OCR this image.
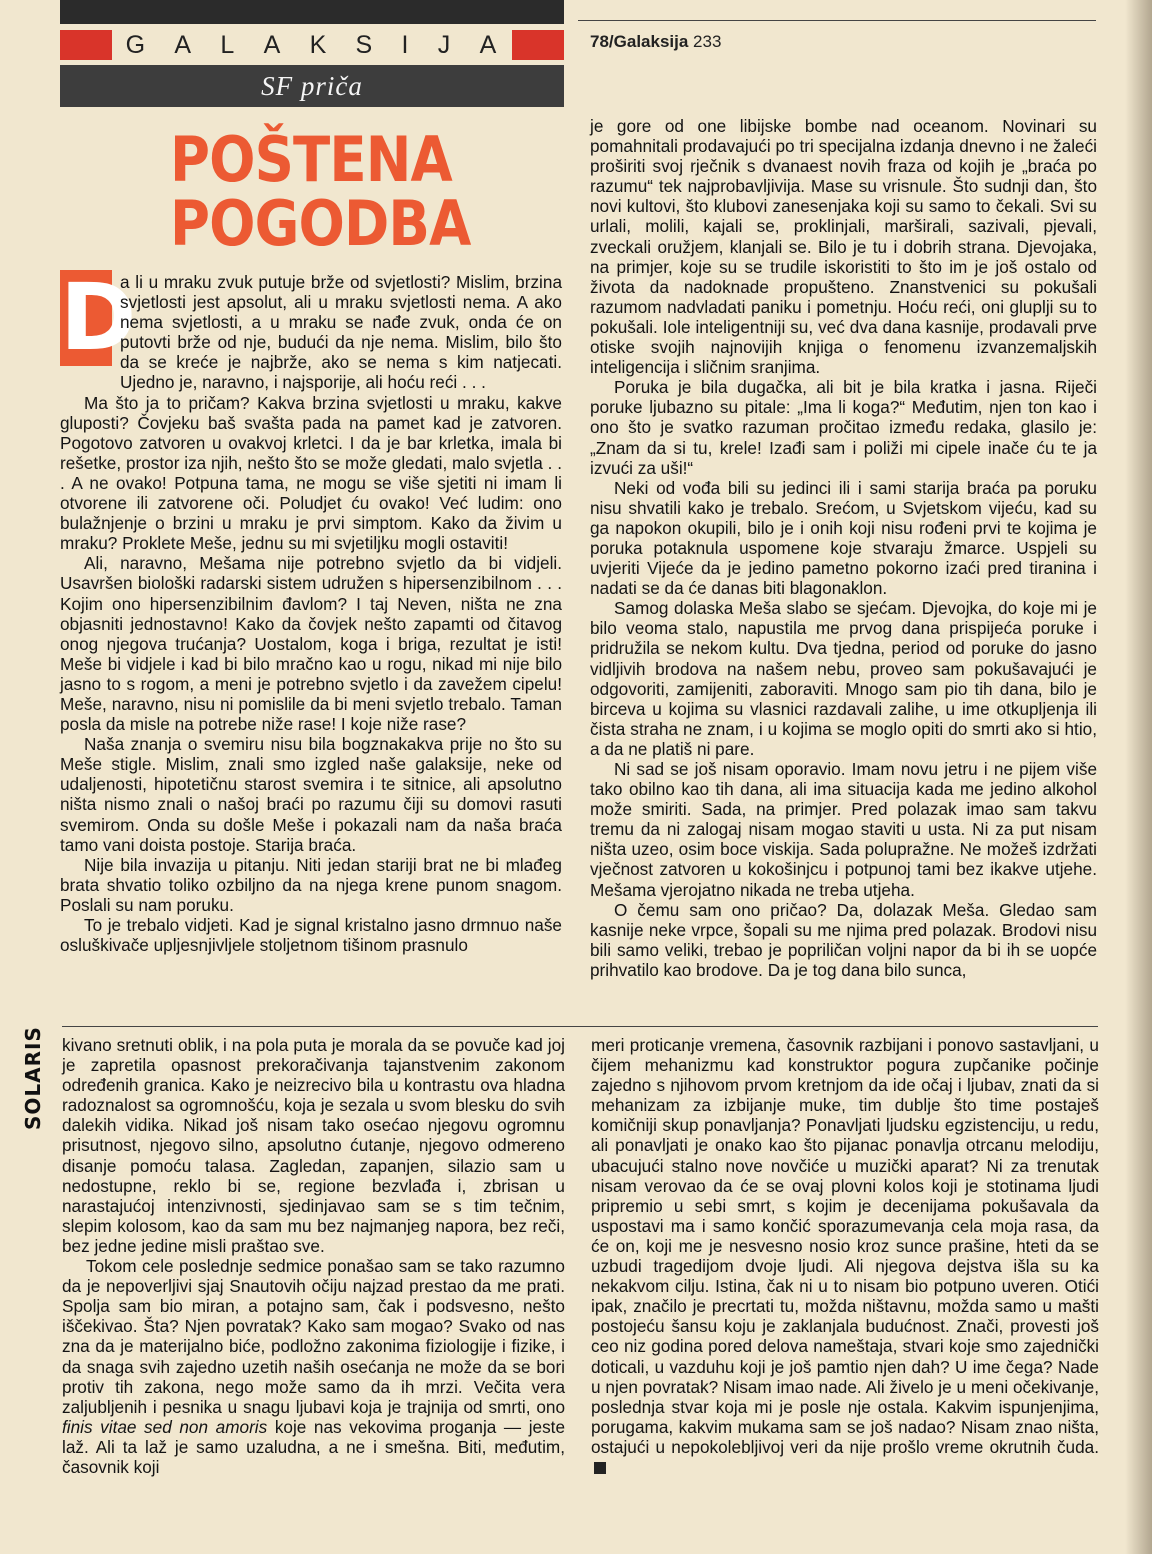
G A L A K S I J A
SF priča
POŠTENA
POGODBA
78/Galaksija 233
D

a li u mraku zvuk putuje brže od svjetlosti? Mislim, brzina svjetlosti jest apsolut, ali u mraku svjetlosti nema. A ako nema svjetlosti, a u mraku se nađe zvuk, onda će on putovti brže od nje, budući da nje nema. Mislim, bilo što da se kreće je najbrže, ako se nema s kim natjecati. Ujedno je, naravno, i najsporije, ali hoću reći . . .

Ma što ja to pričam? Kakva brzina svjetlosti u mraku, kakve gluposti? Čovjeku baš svašta pada na pamet kad je zatvoren. Pogotovo zatvoren u ovakvoj krletci. I da je bar krletka, imala bi rešetke, prostor iza njih, nešto što se može gledati, malo svjetla . . . A ne ovako! Potpuna tama, ne mogu se više sjetiti ni imam li otvorene ili zatvorene oči. Poludjet ću ovako! Već ludim: ono bulažnjenje o brzini u mraku je prvi simptom. Kako da živim u mraku? Proklete Meše, jednu su mi svjetiljku mogli ostaviti!

Ali, naravno, Mešama nije potrebno svjetlo da bi vidjeli. Usavršen biološki radarski sistem udružen s hipersenzibilnom . . . Kojim ono hipersenzibilnim đavlom? I taj Neven, ništa ne zna objasniti jednostavno! Kako da čovjek nešto zapamti od čitavog onog njegova trućanja? Uostalom, koga i briga, rezultat je isti! Meše bi vidjele i kad bi bilo mračno kao u rogu, nikad mi nije bilo jasno to s rogom, a meni je potrebno svjetlo i da zavežem cipelu! Meše, naravno, nisu ni pomislile da bi meni svjetlo trebalo. Taman posla da misle na potrebe niže rase! I koje niže rase?

Naša znanja o svemiru nisu bila bogznakakva prije no što su Meše stigle. Mislim, znali smo izgled naše galaksije, neke od udaljenosti, hipotetičnu starost svemira i te sitnice, ali apsolutno ništa nismo znali o našoj braći po razumu čiji su domovi rasuti svemirom. Onda su došle Meše i pokazali nam da naša braća tamo vani doista postoje. Starija braća.

Nije bila invazija u pitanju. Niti jedan stariji brat ne bi mlađeg brata shvatio toliko ozbiljno da na njega krene punom snagom. Poslali su nam poruku.

To je trebalo vidjeti. Kad je signal kristalno jasno drmnuo naše osluškivače upljesnjivljele stoljetnom tišinom prasnulo

je gore od one libijske bombe nad oceanom. Novinari su pomahnitali prodavajući po tri specijalna izdanja dnevno i ne žaleći proširiti svoj rječnik s dvanaest novih fraza od kojih je „braća po razumu“ tek najprobavljivija. Mase su vrisnule. Što sudnji dan, što novi kultovi, što klubovi zanesenjaka koji su samo to čekali. Svi su urlali, molili, kajali se, proklinjali, marširali, sazivali, pjevali, zveckali oružjem, klanjali se. Bilo je tu i dobrih strana. Djevojaka, na primjer, koje su se trudile iskoristiti to što im je još ostalo od života da nadoknade propušteno. Znanstvenici su pokušali razumom nadvladati paniku i pometnju. Hoću reći, oni gluplji su to pokušali. Iole inteligentniji su, već dva dana kasnije, prodavali prve otiske svojih najnovijih knjiga o fenomenu izvanzemaljskih inteligencija i sličnim sranjima.

Poruka je bila dugačka, ali bit je bila kratka i jasna. Riječi poruke ljubazno su pitale: „Ima li koga?“ Međutim, njen ton kao i ono što je svatko razuman pročitao između redaka, glasilo je: „Znam da si tu, krele! Izađi sam i poliži mi cipele inače ću te ja izvući za uši!“

Neki od vođa bili su jedinci ili i sami starija braća pa poruku nisu shvatili kako je trebalo. Srećom, u Svjetskom vijeću, kad su ga napokon okupili, bilo je i onih koji nisu rođeni prvi te kojima je poruka potaknula uspomene koje stvaraju žmarce. Uspjeli su uvjeriti Vijeće da je jedino pametno pokorno izaći pred tiranina i nadati se da će danas biti blagonaklon.

Samog dolaska Meša slabo se sjećam. Djevojka, do koje mi je bilo veoma stalo, napustila me prvog dana prispijeća poruke i pridružila se nekom kultu. Dva tjedna, period od poruke do jasno vidljivih brodova na našem nebu, proveo sam pokušavajući je odgovoriti, zamijeniti, zaboraviti. Mnogo sam pio tih dana, bilo je birceva u kojima su vlasnici razdavali zalihe, u ime otkupljenja ili čista straha ne znam, i u kojima se moglo opiti do smrti ako si htio, a da ne platiš ni pare.

Ni sad se još nisam oporavio. Imam novu jetru i ne pijem više tako obilno kao tih dana, ali ima situacija kada me jedino alkohol može smiriti. Sada, na primjer. Pred polazak imao sam takvu tremu da ni zalogaj nisam mogao staviti u usta. Ni za put nisam ništa uzeo, osim boce viskija. Sada polupražne. Ne možeš izdržati vječnost zatvoren u kokošinjcu i potpunoj tami bez ikakve utjehe. Mešama vjerojatno nikada ne treba utjeha.

O čemu sam ono pričao? Da, dolazak Meša. Gledao sam kasnije neke vrpce, šopali su me njima pred polazak. Brodovi nisu bili samo veliki, trebao je popriličan voljni napor da bi ih se uopće prihvatilo kao brodove. Da je tog dana bilo sunca,

SOLARIS kivano sretnuti oblik, i na pola puta je morala da se povuče kad joj je zapretila opasnost prekoračivanja tajanstvenim zakonom određenih granica. Kako je neizrecivo bila u kontrastu ova hladna radoznalost sa ogromnošću, koja je sezala u svom blesku do svih dalekih vidika. Nikad još nisam tako osećao njegovu ogromnu prisutnost, njegovo silno, apsolutno ćutanje, njegovo odmereno disanje pomoću talasa. Zagledan, zapanjen, silazio sam u nedostupne, reklo bi se, regione bezvlađa i, zbrisan u narastajućoj intenzivnosti, sjedinjavao sam se s tim tečnim, slepim kolosom, kao da sam mu bez najmanjeg napora, bez reči, bez jedne jedine misli praštao sve.

Tokom cele poslednje sedmice ponašao sam se tako razumno da je nepoverljivi sjaj Snautovih očiju najzad prestao da me prati. Spolja sam bio miran, a potajno sam, čak i podsvesno, nešto iščekivao. Šta? Njen povratak? Kako sam mogao? Svako od nas zna da je materijalno biće, podložno zakonima fiziologije i fizike, i da snaga svih zajedno uzetih naših osećanja ne može da se bori protiv tih zakona, nego može samo da ih mrzi. Večita vera zaljubljenih i pesnika u snagu ljubavi koja je trajnija od smrti, ono finis vitae sed non amoris koje nas vekovima proganja — jeste laž. Ali ta laž je samo uzaludna, a ne i smešna. Biti, međutim, časovnik koji

meri proticanje vremena, časovnik razbijani i ponovo sastavljani, u čijem mehanizmu kad konstruktor pogura zupčanike počinje zajedno s njihovom prvom kretnjom da ide očaj i ljubav, znati da si mehanizam za izbijanje muke, tim dublje što time postaješ komičniji skup ponavljanja? Ponavljati ljudsku egzistenciju, u redu, ali ponavljati je onako kao što pijanac ponavlja otrcanu melodiju, ubacujući stalno nove novčiće u muzički aparat? Ni za trenutak nisam verovao da će se ovaj plovni kolos koji je stotinama ljudi pripremio u sebi smrt, s kojim je decenijama pokušavala da uspostavi ma i samo končić sporazumevanja cela moja rasa, da će on, koji me je nesvesno nosio kroz sunce prašine, hteti da se uzbudi tragedijom dvoje ljudi. Ali njegova dejstva išla su ka nekakvom cilju. Istina, čak ni u to nisam bio potpuno uveren. Otići ipak, značilo je precrtati tu, možda ništavnu, možda samo u mašti postojeću šansu koju je zaklanjala budućnost. Znači, provesti još ceo niz godina pored delova nameštaja, stvari koje smo zajednički doticali, u vazduhu koji je još pamtio njen dah? U ime čega? Nade u njen povratak? Nisam imao nade. Ali živelo je u meni očekivanje, poslednja stvar koja mi je posle nje ostala. Kakvim ispunjenjima, porugama, kakvim mukama sam se još nadao? Nisam znao ništa, ostajući u nepokolebljivoj veri da nije prošlo vreme okrutnih čuda.
